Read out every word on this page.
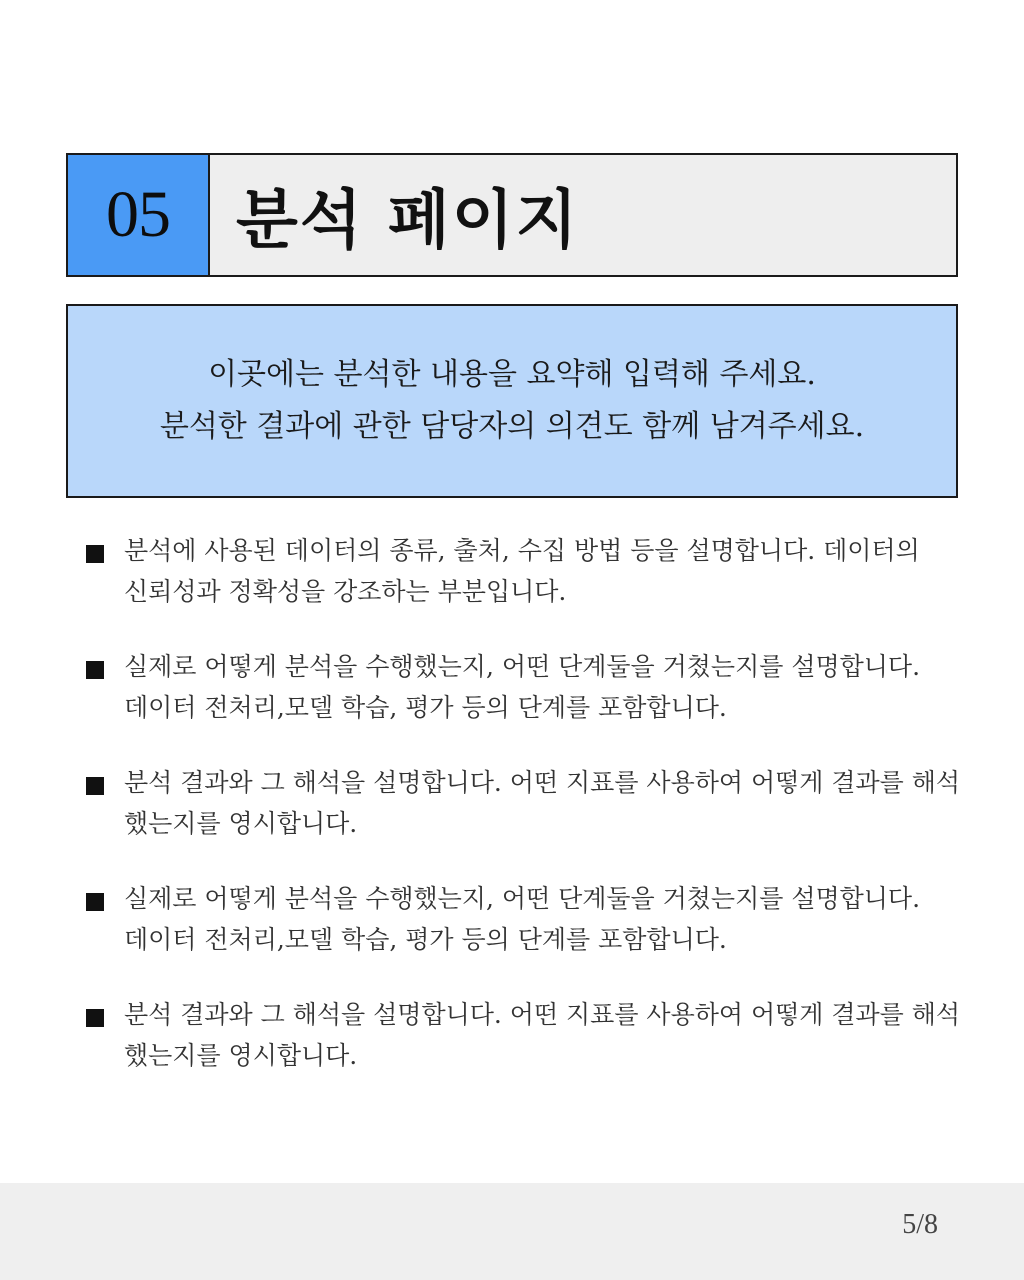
05	분석 페이지
이곳에는 분석한 내용을 요약해 입력해 주세요.
분석한 결과에 관한 담당자의 의견도 함께 남겨주세요.
분석에 사용된 데이터의 종류, 출처, 수집 방법 등을 설명합니다. 데이터의
신뢰성과 정확성을 강조하는 부분입니다.
실제로 어떻게 분석을 수행했는지, 어떤 단계둘을 거쳤는지를 설명합니다.
데이터 전처리,모델 학습, 평가 등의 단계를 포함합니다.
분석 결과와 그 해석을 설명합니다. 어떤 지표를 사용하여 어떻게 결과를 해석
했는지를 영시합니다.
실제로 어떻게 분석을 수행했는지, 어떤 단계둘을 거쳤는지를 설명합니다.
데이터 전처리,모델 학습, 평가 등의 단계를 포함합니다.
분석 결과와 그 해석을 설명합니다. 어떤 지표를 사용하여 어떻게 결과를 해석
했는지를 영시합니다.
5/8
